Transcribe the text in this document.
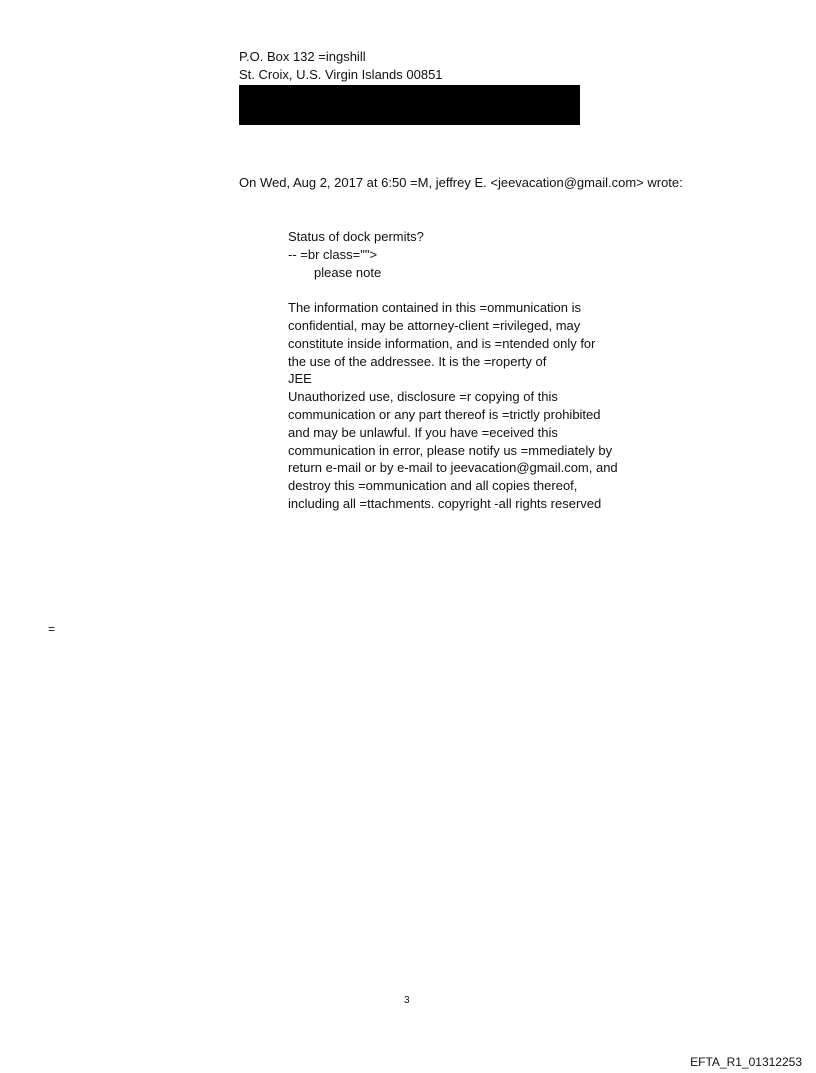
P.O. Box 132 =ingshill
St. Croix, U.S. Virgin Islands 00851
On Wed, Aug 2, 2017 at 6:50 =M, jeffrey E. <jeevacation@gmail.com> wrote:
Status of dock permits?
-- =br class="">
please note
The information contained in this =ommunication is
confidential, may be attorney-client =rivileged, may
constitute inside information, and is =ntended only for
the use of the addressee. It is the =roperty of
JEE
Unauthorized use, disclosure =r copying of this
communication or any part thereof is =trictly prohibited
and may be unlawful. If you have =eceived this
communication in error, please notify us =mmediately by
return e-mail or by e-mail to jeevacation@gmail.com, and
destroy this =ommunication and all copies thereof,
including all =ttachments. copyright -all rights reserved
=
3
EFTA_R1_01312253
